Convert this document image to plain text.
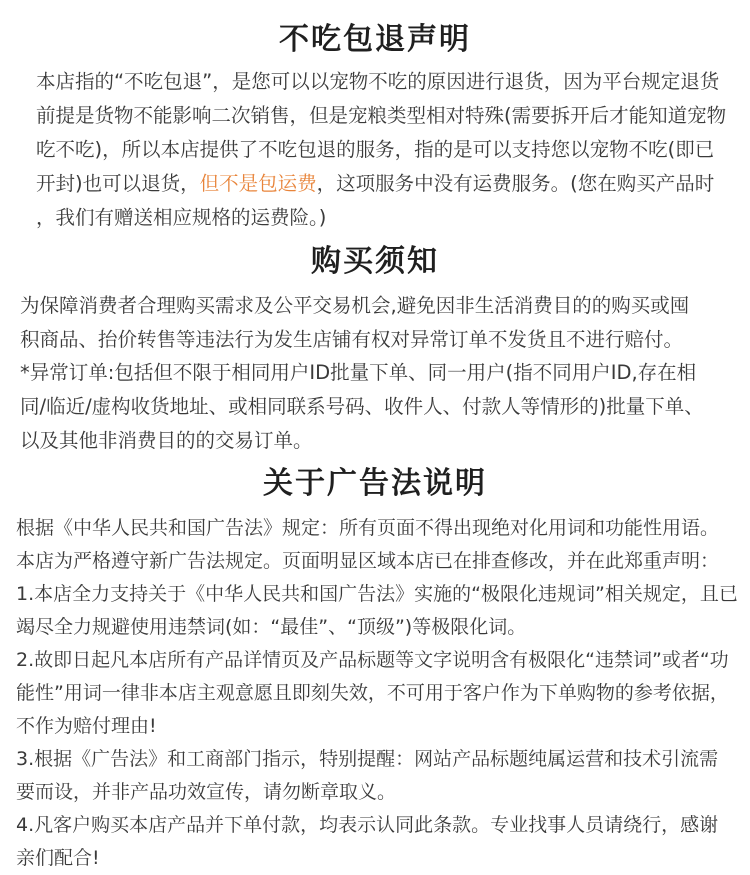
不吃包退声明

本店指的“不吃包退”，是您可以以宠物不吃的原因进行退货，因为平台规定退货

前提是货物不能影响二次销售，但是宠粮类型相对特殊(需要拆开后才能知道宠物

吃不吃)，所以本店提供了不吃包退的服务，指的是可以支持您以宠物不吃(即已

开封)也可以退货，但不是包运费，这项服务中没有运费服务。(您在购买产品时

，我们有赠送相应规格的运费险。)

购买须知

为保障消费者合理购买需求及公平交易机会,避免因非生活消费目的的购买或囤

积商品、抬价转售等违法行为发生店铺有权对异常订单不发货且不进行赔付。

*异常订单:包括但不限于相同用户ID批量下单、同一用户(指不同用户ID,存在相

同/临近/虚构收货地址、或相同联系号码、收件人、付款人等情形的)批量下单、

以及其他非消费目的的交易订单。

关于广告法说明

根据《中华人民共和国广告法》规定：所有页面不得出现绝对化用词和功能性用语。

本店为严格遵守新广告法规定。页面明显区域本店已在排查修改，并在此郑重声明：

1.本店全力支持关于《中华人民共和国广告法》实施的“极限化违规词”相关规定，且已

竭尽全力规避使用违禁词(如：“最佳”、“顶级”)等极限化词。

2.故即日起凡本店所有产品详情页及产品标题等文字说明含有极限化“违禁词”或者“功

能性”用词一律非本店主观意愿且即刻失效，不可用于客户作为下单购物的参考依据，

不作为赔付理由!

3.根据《广告法》和工商部门指示，特别提醒：网站产品标题纯属运营和技术引流需

要而设，并非产品功效宣传，请勿断章取义。

4.凡客户购买本店产品并下单付款，均表示认同此条款。专业找事人员请绕行，感谢

亲们配合!
